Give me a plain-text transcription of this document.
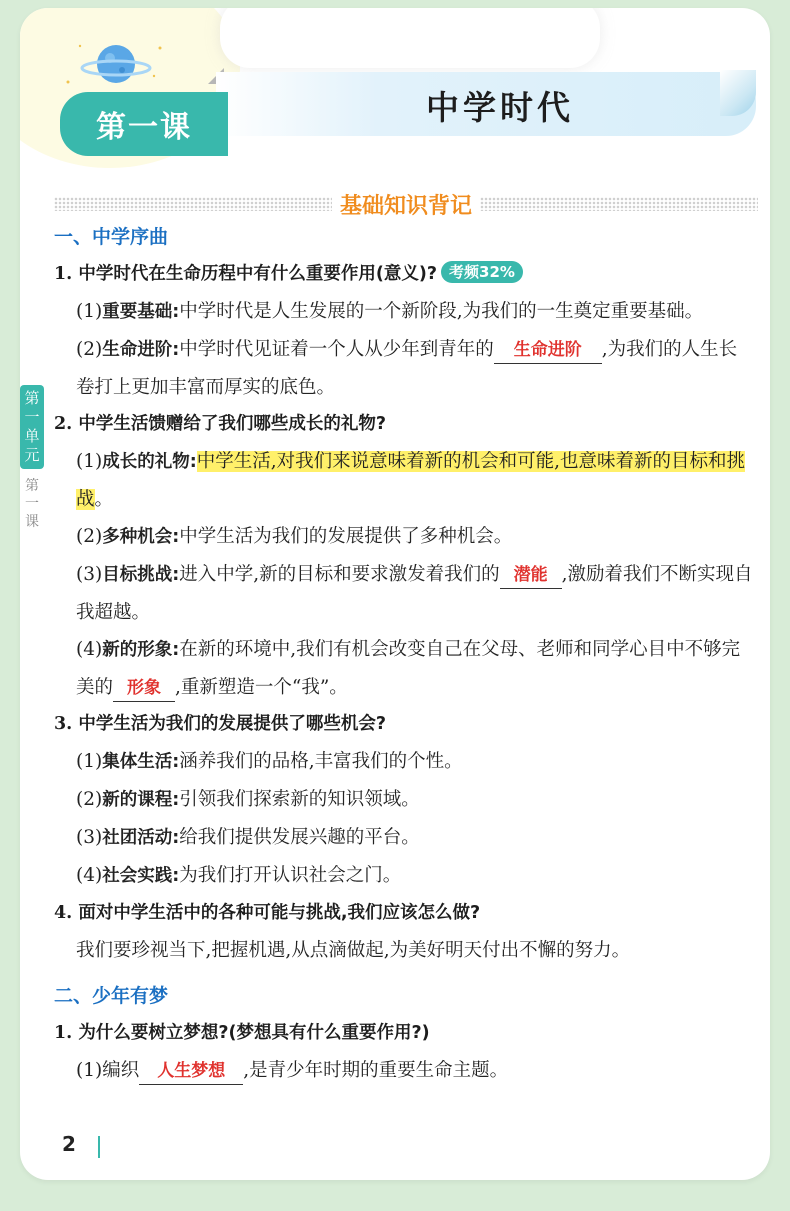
中学时代
第一课
基础知识背记
第一单元
第一课
一、中学序曲
1. 中学时代在生命历程中有什么重要作用(意义)? 考频32%
(1)重要基础:中学时代是人生发展的一个新阶段,为我们的一生奠定重要基础。
(2)生命进阶:中学时代见证着一个人从少年到青年的 生命进阶 ,为我们的人生长卷打上更加丰富而厚实的底色。
2. 中学生活馈赠给了我们哪些成长的礼物?
(1)成长的礼物:中学生活,对我们来说意味着新的机会和可能,也意味着新的目标和挑战。
(2)多种机会:中学生活为我们的发展提供了多种机会。
(3)目标挑战:进入中学,新的目标和要求激发着我们的 潜能 ,激励着我们不断实现自我超越。
(4)新的形象:在新的环境中,我们有机会改变自己在父母、老师和同学心目中不够完美的 形象 ,重新塑造一个“我”。
3. 中学生活为我们的发展提供了哪些机会?
(1)集体生活:涵养我们的品格,丰富我们的个性。
(2)新的课程:引领我们探索新的知识领域。
(3)社团活动:给我们提供发展兴趣的平台。
(4)社会实践:为我们打开认识社会之门。
4. 面对中学生活中的各种可能与挑战,我们应该怎么做?
我们要珍视当下,把握机遇,从点滴做起,为美好明天付出不懈的努力。
二、少年有梦
1. 为什么要树立梦想?(梦想具有什么重要作用?)
(1)编织 人生梦想 ,是青少年时期的重要生命主题。
2
